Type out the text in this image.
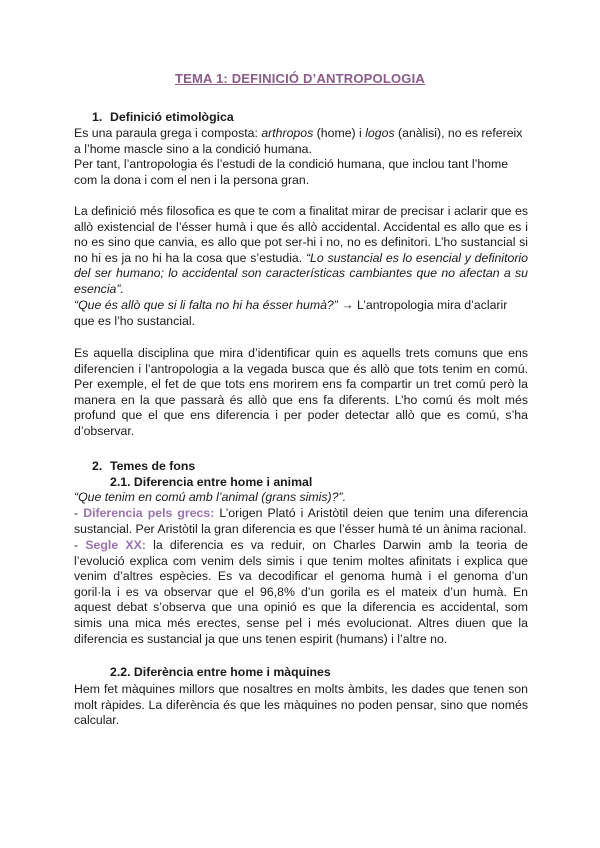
TEMA 1: DEFINICIÓ D’ANTROPOLOGIA
1. Definició etimològica

Es una paraula grega i composta: arthropos (home) i logos (anàlisi), no es refereix a l’home mascle sino a la condició humana.

Per tant, l’antropologia és l’estudi de la condició humana, que inclou tant l’home com la dona i com el nen i la persona gran.

La definició més filosofica es que te com a finalitat mirar de precisar i aclarir que es allò existencial de l’ésser humà i que és allò accidental. Accidental es allo que es i no es sino que canvia, es allo que pot ser-hi i no, no es definitori. L’ho sustancial si no hi es ja no hi ha la cosa que s’estudia. “Lo sustancial es lo esencial y definitorio del ser humano; lo accidental son características cambiantes que no afectan a su esencia”.

“Que és allò que si li falta no hi ha ésser humà?” → L’antropologia mira d’aclarir que es l’ho sustancial.

Es aquella disciplina que mira d’identificar quin es aquells trets comuns que ens diferencien i l’antropologia a la vegada busca que és allò que tots tenim en comú. Per exemple, el fet de que tots ens morirem ens fa compartir un tret comú però la manera en la que passarà és allò que ens fa diferents. L’ho comú és molt més profund que el que ens diferencia i per poder detectar allò que es comú, s’ha d’observar.

2. Temes de fons
2.1. Diferencia entre home i animal

“Que tenim en comú amb l’animal (grans simis)?”.

- Diferencia pels grecs: L’origen Plató i Aristòtil deien que tenim una diferencia sustancial. Per Aristòtil la gran diferencia es que l’ésser humà té un ànima racional.

- Segle XX: la diferencia es va reduir, on Charles Darwin amb la teoria de l’evolució explica com venim dels simis i que tenim moltes afinitats i explica que venim d’altres espècies. Es va decodificar el genoma humà i el genoma d’un goril·la i es va observar que el 96,8% d’un gorila es el mateix d’un humà. En aquest debat s’observa que una opinió es que la diferencia es accidental, som simis una mica més erectes, sense pel i més evolucionat. Altres diuen que la diferencia es sustancial ja que uns tenen espirit (humans) i l’altre no.

2.2. Diferència entre home i màquines

Hem fet màquines millors que nosaltres en molts àmbits, les dades que tenen son molt ràpides. La diferència és que les màquines no poden pensar, sino que només calcular.
